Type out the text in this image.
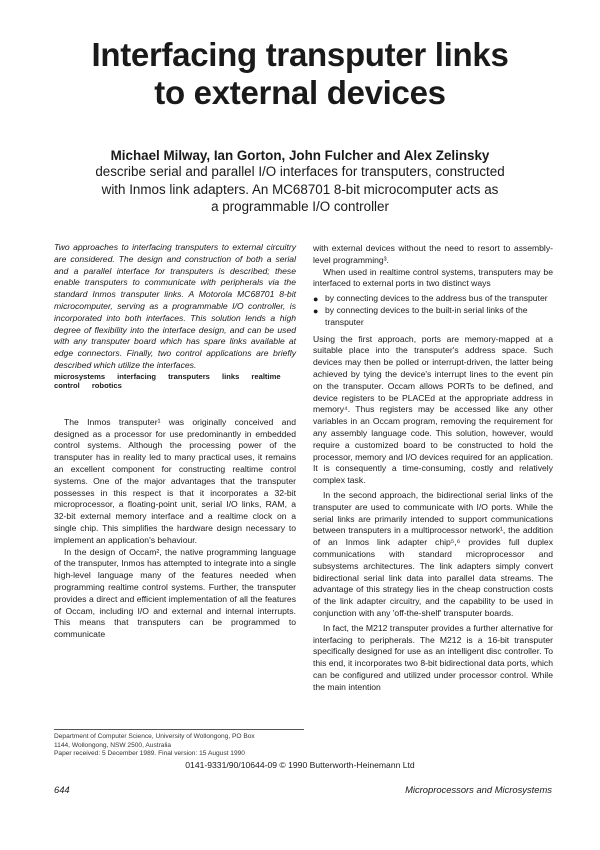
Interfacing transputer links
to external devices
Michael Milway, Ian Gorton, John Fulcher and Alex Zelinsky
describe serial and parallel I/O interfaces for transputers, constructed
with Inmos link adapters. An MC68701 8-bit microcomputer acts as
a programmable I/O controller

Two approaches to interfacing transputers to external circuitry are considered. The design and construction of both a serial and a parallel interface for transputers is described; these enable transputers to communicate with peripherals via the standard Inmos transputer links. A Motorola MC68701 8-bit microcomputer, serving as a programmable I/O controller, is incorporated into both interfaces. This solution lends a high degree of flexibility into the interface design, and can be used with any transputer board which has spare links available at edge connectors. Finally, two control applications are briefly described which utilize the interfaces.

microsystems interfacing transputers links realtime control robotics

The Inmos transputer¹ was originally conceived and designed as a processor for use predominantly in embedded control systems. Although the processing power of the transputer has in reality led to many practical uses, it remains an excellent component for constructing realtime control systems. One of the major advantages that the transputer possesses in this respect is that it incorporates a 32-bit microprocessor, a floating-point unit, serial I/O links, RAM, a 32-bit external memory interface and a realtime clock on a single chip. This simplifies the hardware design necessary to implement an application's behaviour.

In the design of Occam², the native programming language of the transputer, Inmos has attempted to integrate into a single high-level language many of the features needed when programming realtime control systems. Further, the transputer provides a direct and efficient implementation of all the features of Occam, including I/O and external and internal interrupts. This means that transputers can be programmed to communicate

with external devices without the need to resort to assembly-level programming³.

When used in realtime control systems, transputers may be interfaced to external ports in two distinct ways

● by connecting devices to the address bus of the transputer
● by connecting devices to the built-in serial links of the transputer

Using the first approach, ports are memory-mapped at a suitable place into the transputer's address space. Such devices may then be polled or interrupt-driven, the latter being achieved by tying the device's interrupt lines to the event pin on the transputer. Occam allows PORTs to be defined, and device registers to be PLACEd at the appropriate address in memory⁴. Thus registers may be accessed like any other variables in an Occam program, removing the requirement for any assembly language code. This solution, however, would require a customized board to be constructed to hold the processor, memory and I/O devices required for an application. It is consequently a time-consuming, costly and relatively complex task.

In the second approach, the bidirectional serial links of the transputer are used to communicate with I/O ports. While the serial links are primarily intended to support communications between transputers in a multiprocessor network¹, the addition of an Inmos link adapter chip⁵,⁶ provides full duplex communications with standard microprocessor and subsystems architectures. The link adapters simply convert bidirectional serial link data into parallel data streams. The advantage of this strategy lies in the cheap construction costs of the link adapter circuitry, and the capability to be used in conjunction with any 'off-the-shelf' transputer boards.

In fact, the M212 transputer provides a further alternative for interfacing to peripherals. The M212 is a 16-bit transputer specifically designed for use as an intelligent disc controller. To this end, it incorporates two 8-bit bidirectional data ports, which can be configured and utilized under processor control. While the main intention

Department of Computer Science, University of Wollongong, PO Box
1144, Wollongong, NSW 2500, Australia
Paper received: 5 December 1989. Final version: 15 August 1990
0141-9331/90/10644-09 © 1990 Butterworth-Heinemann Ltd
644	Microprocessors and Microsystems
